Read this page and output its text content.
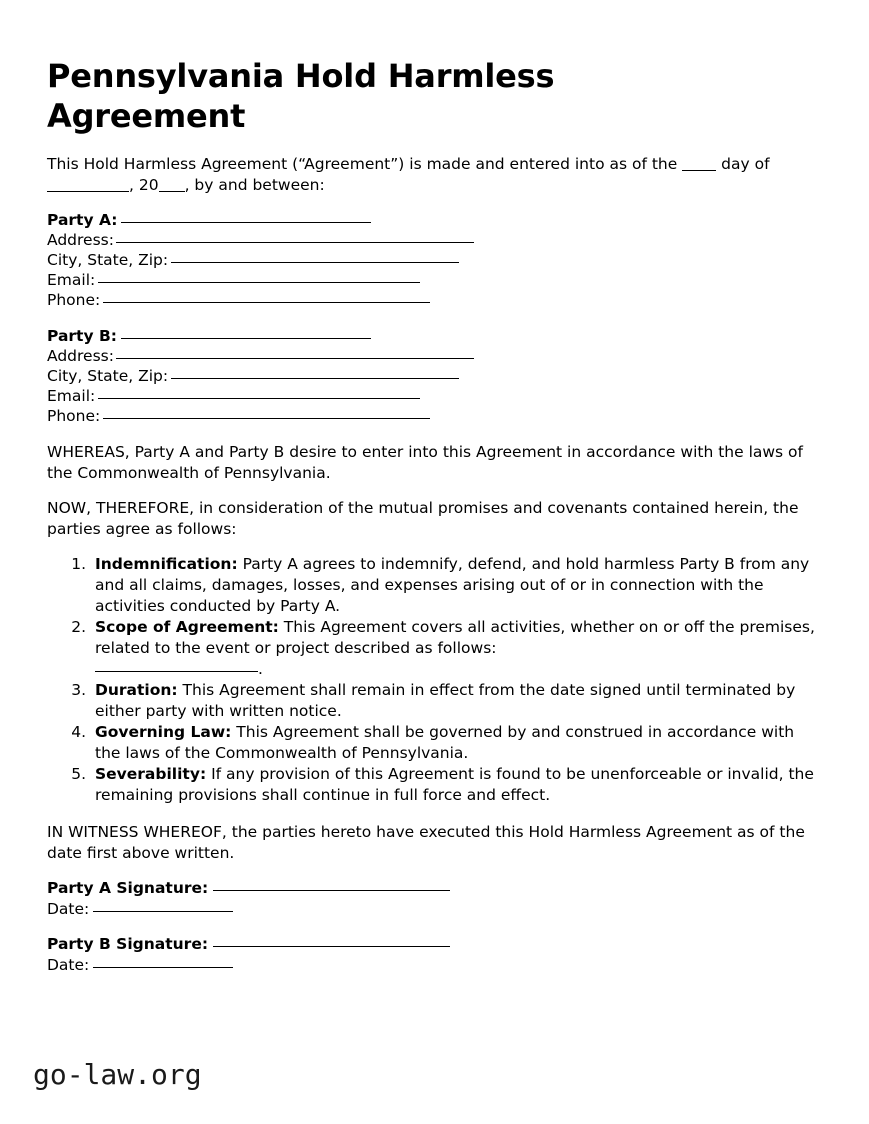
Pennsylvania Hold Harmless Agreement

This Hold Harmless Agreement (“Agreement”) is made and entered into as of the	day of , 20 , by and between:

Party A:
Address:
City, State, Zip:
Email:
Phone:
Party B:
Address:
City, State, Zip:
Email:
Phone:

WHEREAS, Party A and Party B desire to enter into this Agreement in accordance with the laws of the Commonwealth of Pennsylvania.

NOW, THEREFORE, in consideration of the mutual promises and covenants contained herein, the parties agree as follows:

1. Indemnification: Party A agrees to indemnify, defend, and hold harmless Party B from any and all claims, damages, losses, and expenses arising out of or in connection with the activities conducted by Party A.
2. Scope of Agreement: This Agreement covers all activities, whether on or off the premises, related to the event or project described as follows:
.
3. Duration: This Agreement shall remain in effect from the date signed until terminated by either party with written notice.
4. Governing Law: This Agreement shall be governed by and construed in accordance with the laws of the Commonwealth of Pennsylvania.
5. Severability: If any provision of this Agreement is found to be unenforceable or invalid, the remaining provisions shall continue in full force and effect.

IN WITNESS WHEREOF, the parties hereto have executed this Hold Harmless Agreement as of the date first above written.

Party A Signature:
Date:
Party B Signature:
Date:
go-law.org
